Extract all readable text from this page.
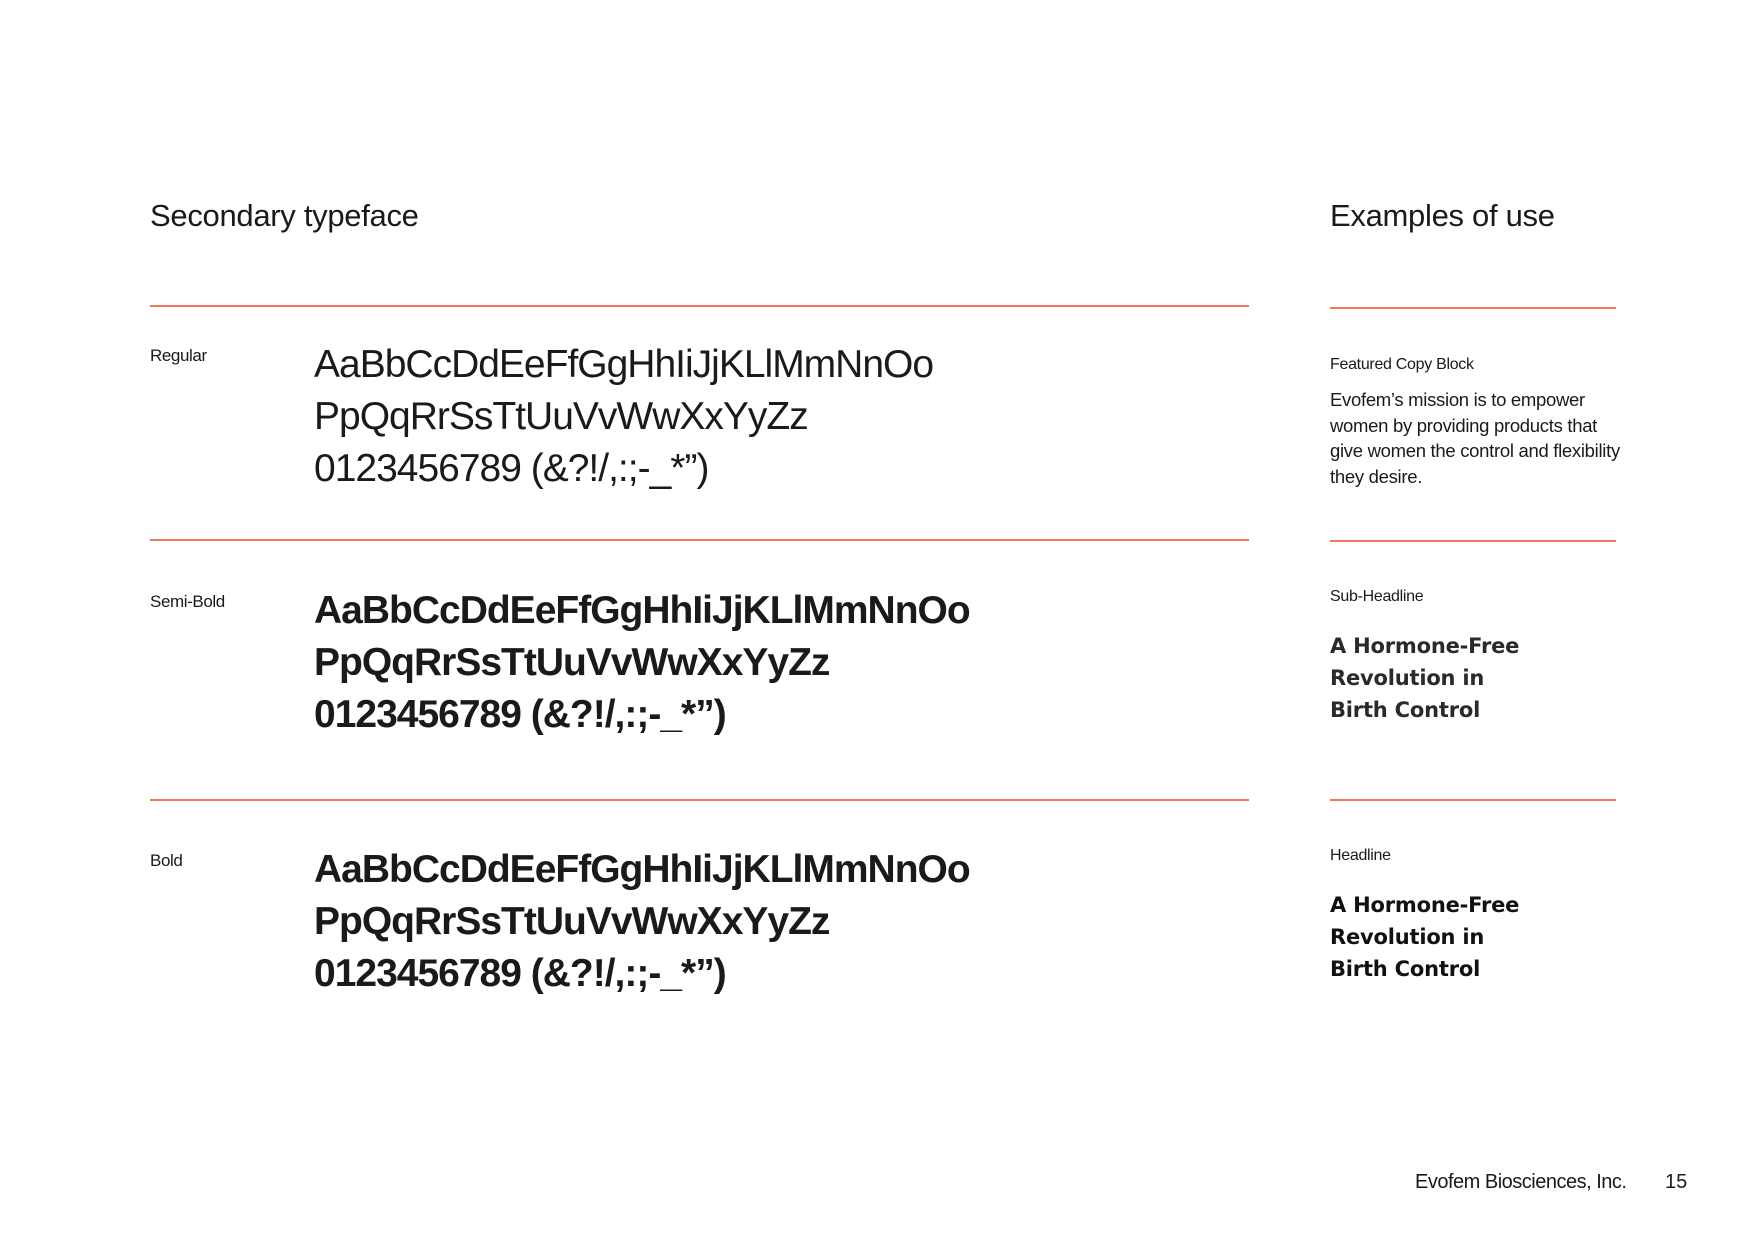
Secondary typeface	Examples of use
Regular	AaBbCcDdEeFfGgHhIiJjKLlMmNnOo
PpQqRrSsTtUuVvWwXxYyZz
0123456789 (&?!/,:;-_*”)
Semi-Bold AaBbCcDdEeFfGgHhIiJjKLlMmNnOo
PpQqRrSsTtUuVvWwXxYyZz
0123456789 (&?!/,:;-_*”)
Bold	AaBbCcDdEeFfGgHhIiJjKLlMmNnOo
PpQqRrSsTtUuVvWwXxYyZz
0123456789 (&?!/,:;-_*”)
Featured Copy Block
Evofem’s mission is to empower women by providing products that give women the control and flexibility they desire.
Sub-Headline
A Hormone-Free
Revolution in
Birth Control
Headline
A Hormone-Free
Revolution in
Birth Control
Evofem Biosciences, Inc. 15
